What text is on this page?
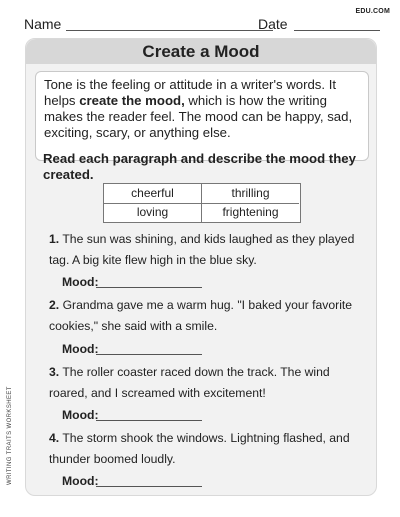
Name	Date
EDU.COM
Create a Mood
Tone is the feeling or attitude in a writer's words. It helps create the mood, which is how the writing makes the reader feel. The mood can be happy, sad, exciting, scary, or anything else.
Read each paragraph and describe the mood they created.
cheerful	thrilling
loving	frightening
1. The sun was shining, and kids laughed as they played tag. A big kite flew high in the blue sky.
Mood:
2. Grandma gave me a warm hug. "I baked your favorite cookies," she said with a smile.
Mood:
3. The roller coaster raced down the track. The wind roared, and I screamed with excitement!
Mood:
4. The storm shook the windows. Lightning flashed, and thunder boomed loudly.
Mood:
WRITING TRAITS WORKSHEET
